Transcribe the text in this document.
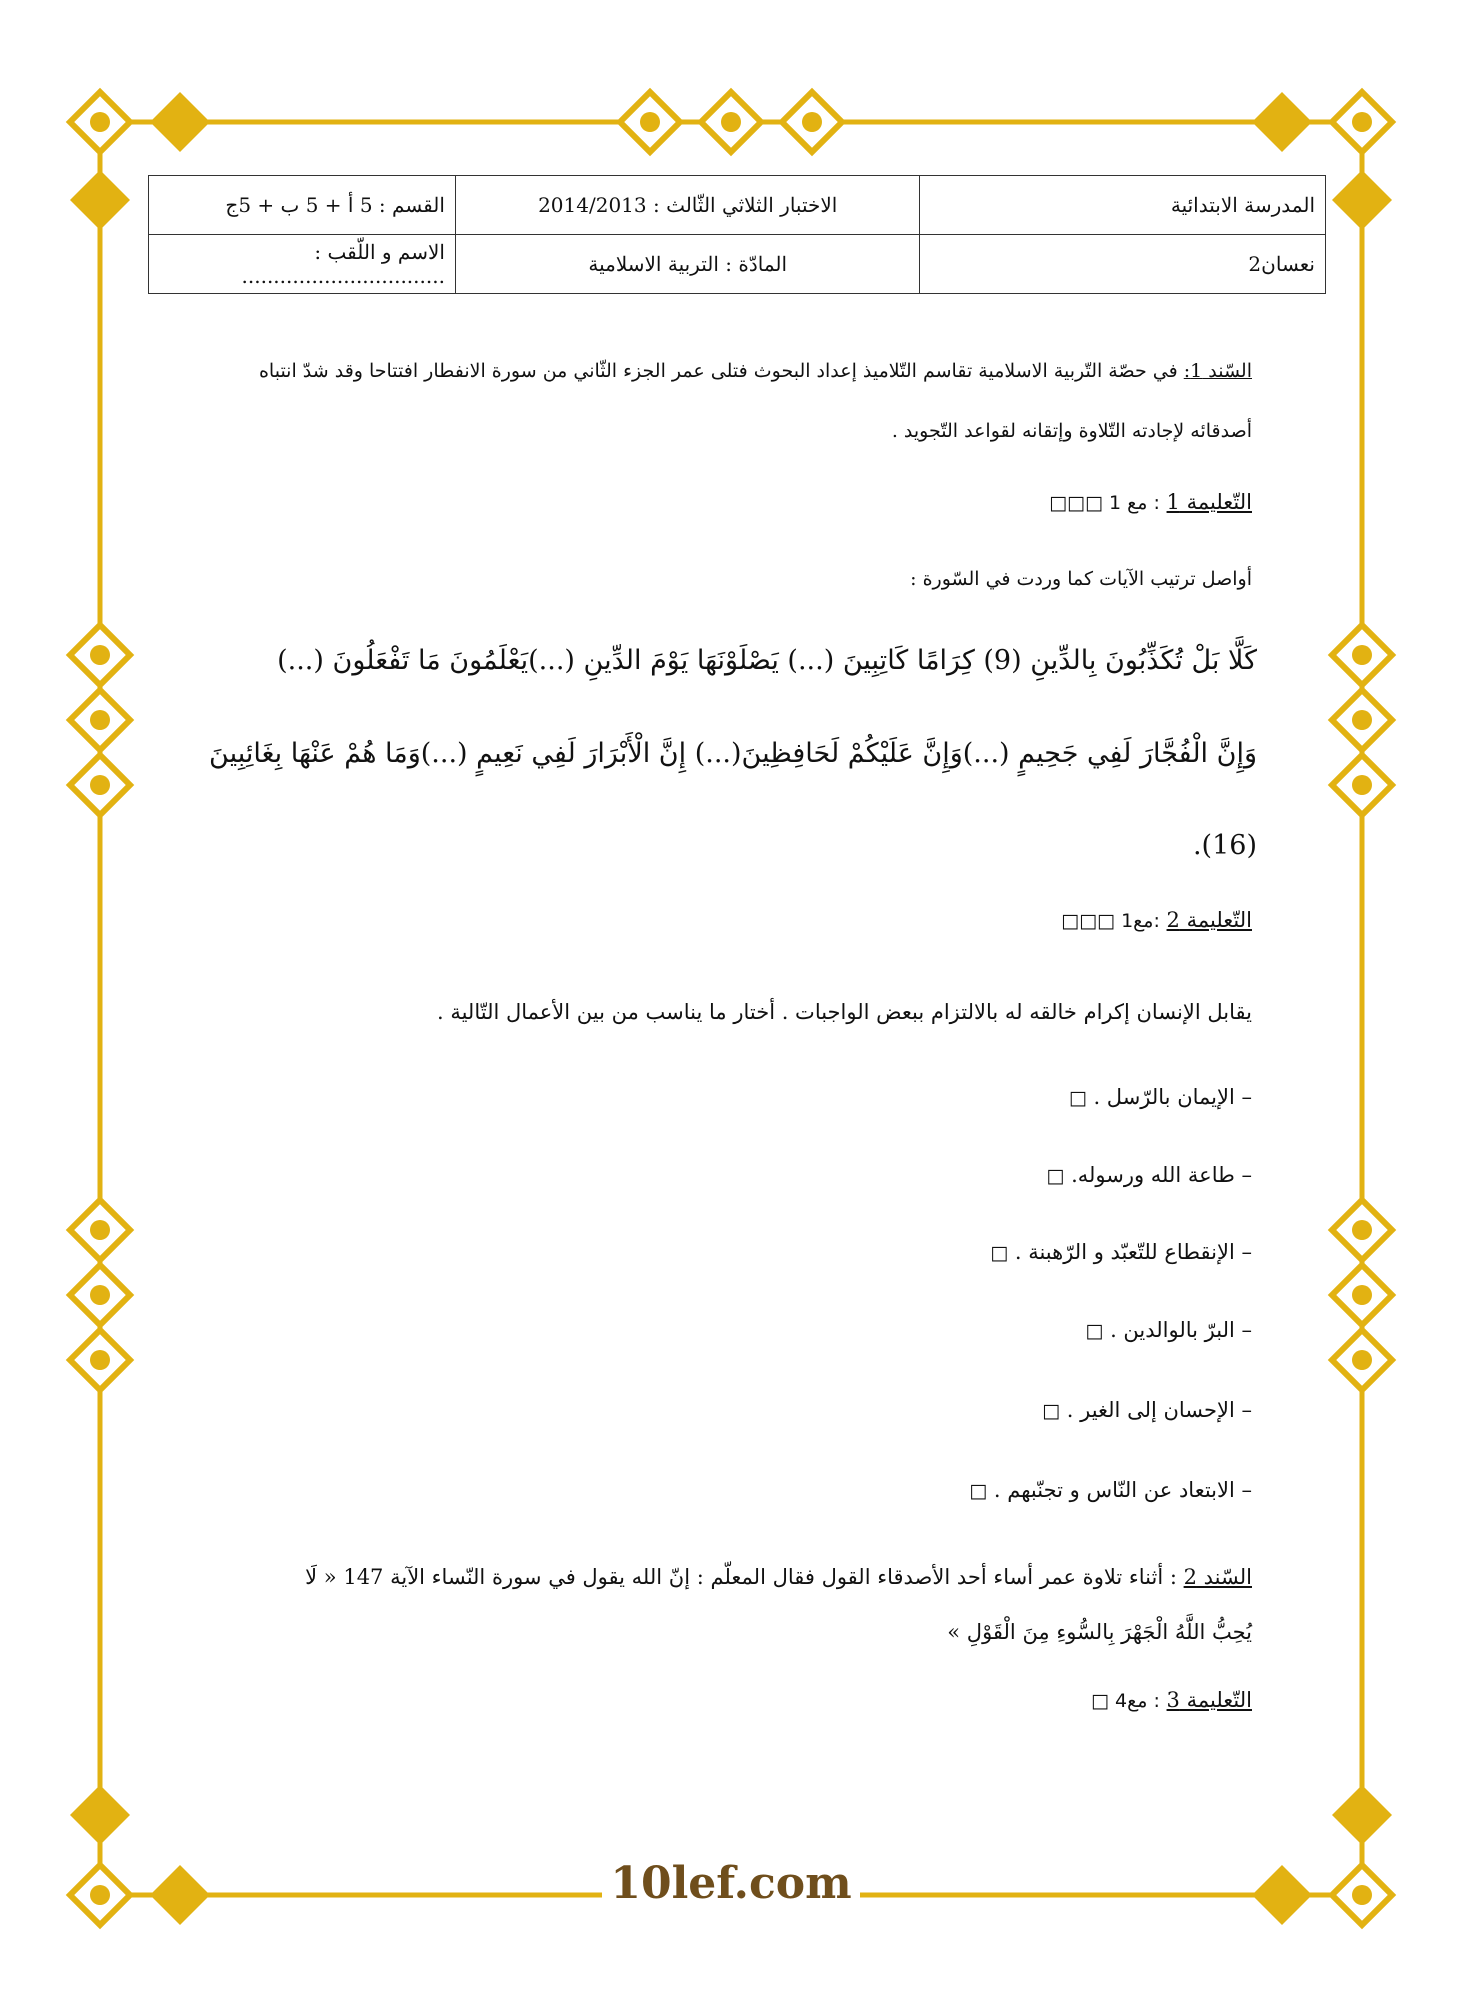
المدرسة الابتدائية	الاختبار الثلاثي الثّالث : 2014/2013	القسم : 5 أ + 5 ب + 5ج
نعسان2	المادّة : التربية الاسلامية	الاسم و اللّقب : ................................
السّند 1: في حصّة التّربية الاسلامية تقاسم التّلاميذ إعداد البحوث فتلى عمر الجزء الثّاني من سورة الانفطار افتتاحا وقد شدّ انتباه
أصدقائه لإجادته التّلاوة وإتقانه لقواعد التّجويد .
التّعليمة 1 : مع 1 □□□
أواصل ترتيب الآيات كما وردت في السّورة :
كَلَّا بَلْ تُكَذِّبُونَ بِالدِّينِ (9) كِرَامًا كَاتِبِينَ (...) يَصْلَوْنَهَا يَوْمَ الدِّينِ (...)يَعْلَمُونَ مَا تَفْعَلُونَ (...)
وَإِنَّ الْفُجَّارَ لَفِي جَحِيمٍ (...)وَإِنَّ عَلَيْكُمْ لَحَافِظِينَ(...) إِنَّ الْأَبْرَارَ لَفِي نَعِيمٍ (...)وَمَا هُمْ عَنْهَا بِغَائِبِينَ
(16).
التّعليمة 2 :مع1 □□□
يقابل الإنسان إكرام خالقه له بالالتزام ببعض الواجبات . أختار ما يناسب من بين الأعمال التّالية .
– الإيمان بالرّسل . □
– طاعة الله ورسوله. □
– الإنقطاع للتّعبّد و الرّهبنة . □
– البرّ بالوالدين . □
– الإحسان إلى الغير . □
– الابتعاد عن النّاس و تجنّبهم . □
السّند 2 : أثناء تلاوة عمر أساء أحد الأصدقاء القول فقال المعلّم : إنّ الله يقول في سورة النّساء الآية 147 « لَا
يُحِبُّ اللَّهُ الْجَهْرَ بِالسُّوءِ مِنَ الْقَوْلِ »
التّعليمة 3 : مع4 □
10lef.com
